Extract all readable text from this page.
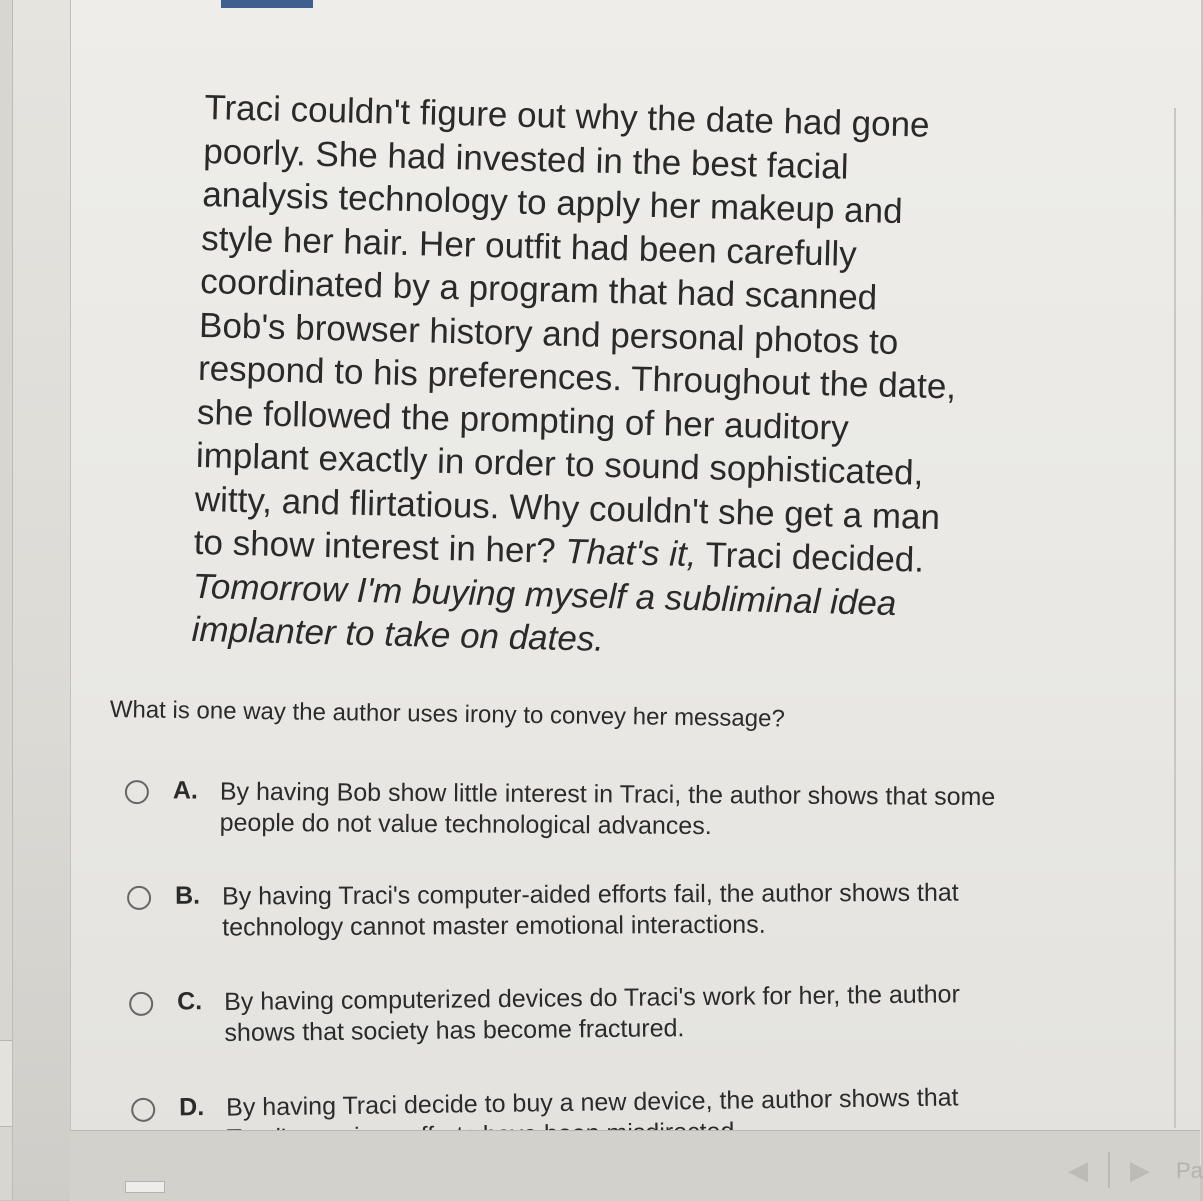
Traci couldn't figure out why the date had gone
poorly. She had invested in the best facial
analysis technology to apply her makeup and
style her hair. Her outfit had been carefully
coordinated by a program that had scanned
Bob's browser history and personal photos to
respond to his preferences. Throughout the date,
she followed the prompting of her auditory
implant exactly in order to sound sophisticated,
witty, and flirtatious. Why couldn't she get a man
to show interest in her? That's it, Traci decided.
Tomorrow I'm buying myself a subliminal idea
implanter to take on dates.
What is one way the author uses irony to convey her message?
A. By having Bob show little interest in Traci, the author shows that some
people do not value technological advances.
B. By having Traci's computer-aided efforts fail, the author shows that
technology cannot master emotional interactions.
C. By having computerized devices do Traci's work for her, the author
shows that society has become fractured.
D. By having Traci decide to buy a new device, the author shows that
◀	▶	Pa
